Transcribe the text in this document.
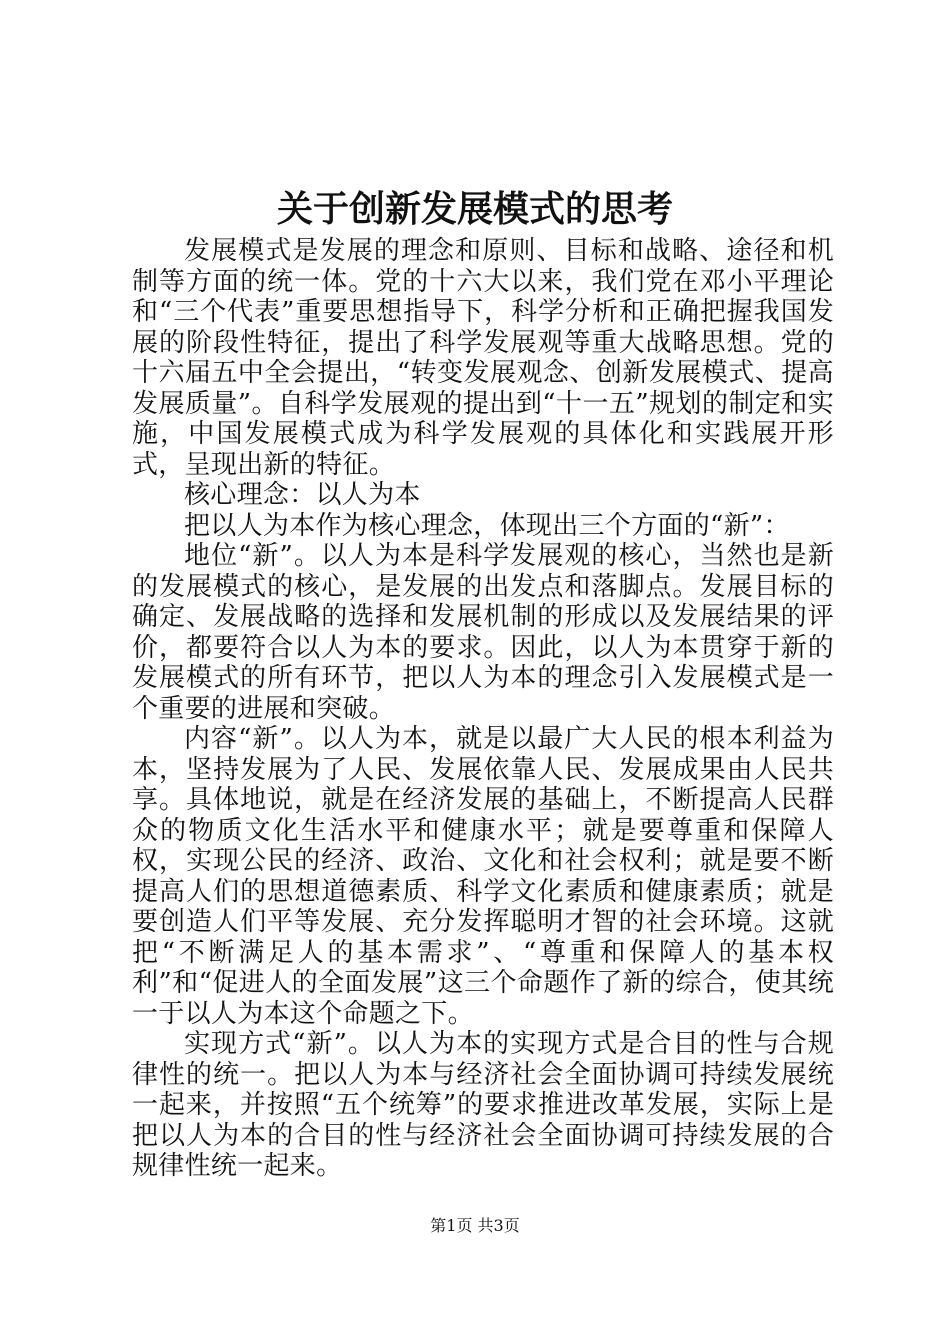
关于创新发展模式的思考

发展模式是发展的理念和原则、目标和战略、途径和机制等方面的统一体。党的十六大以来，我们党在邓小平理论和“三个代表”重要思想指导下，科学分析和正确把握我国发展的阶段性特征，提出了科学发展观等重大战略思想。党的十六届五中全会提出，“转变发展观念、创新发展模式、提高发展质量”。自科学发展观的提出到“十一五”规划的制定和实施，中国发展模式成为科学发展观的具体化和实践展开形式，呈现出新的特征。

核心理念：以人为本

把以人为本作为核心理念，体现出三个方面的“新”：

地位“新”。以人为本是科学发展观的核心，当然也是新的发展模式的核心，是发展的出发点和落脚点。发展目标的确定、发展战略的选择和发展机制的形成以及发展结果的评价，都要符合以人为本的要求。因此，以人为本贯穿于新的发展模式的所有环节，把以人为本的理念引入发展模式是一个重要的进展和突破。

内容“新”。以人为本，就是以最广大人民的根本利益为本，坚持发展为了人民、发展依靠人民、发展成果由人民共享。具体地说，就是在经济发展的基础上，不断提高人民群众的物质文化生活水平和健康水平；就是要尊重和保障人权，实现公民的经济、政治、文化和社会权利；就是要不断提高人们的思想道德素质、科学文化素质和健康素质；就是要创造人们平等发展、充分发挥聪明才智的社会环境。这就把“不断满足人的基本需求”、“尊重和保障人的基本权利”和“促进人的全面发展”这三个命题作了新的综合，使其统一于以人为本这个命题之下。

实现方式“新”。以人为本的实现方式是合目的性与合规律性的统一。把以人为本与经济社会全面协调可持续发展统一起来，并按照“五个统筹”的要求推进改革发展，实际上是把以人为本的合目的性与经济社会全面协调可持续发展的合规律性统一起来。

第1页 共3页
